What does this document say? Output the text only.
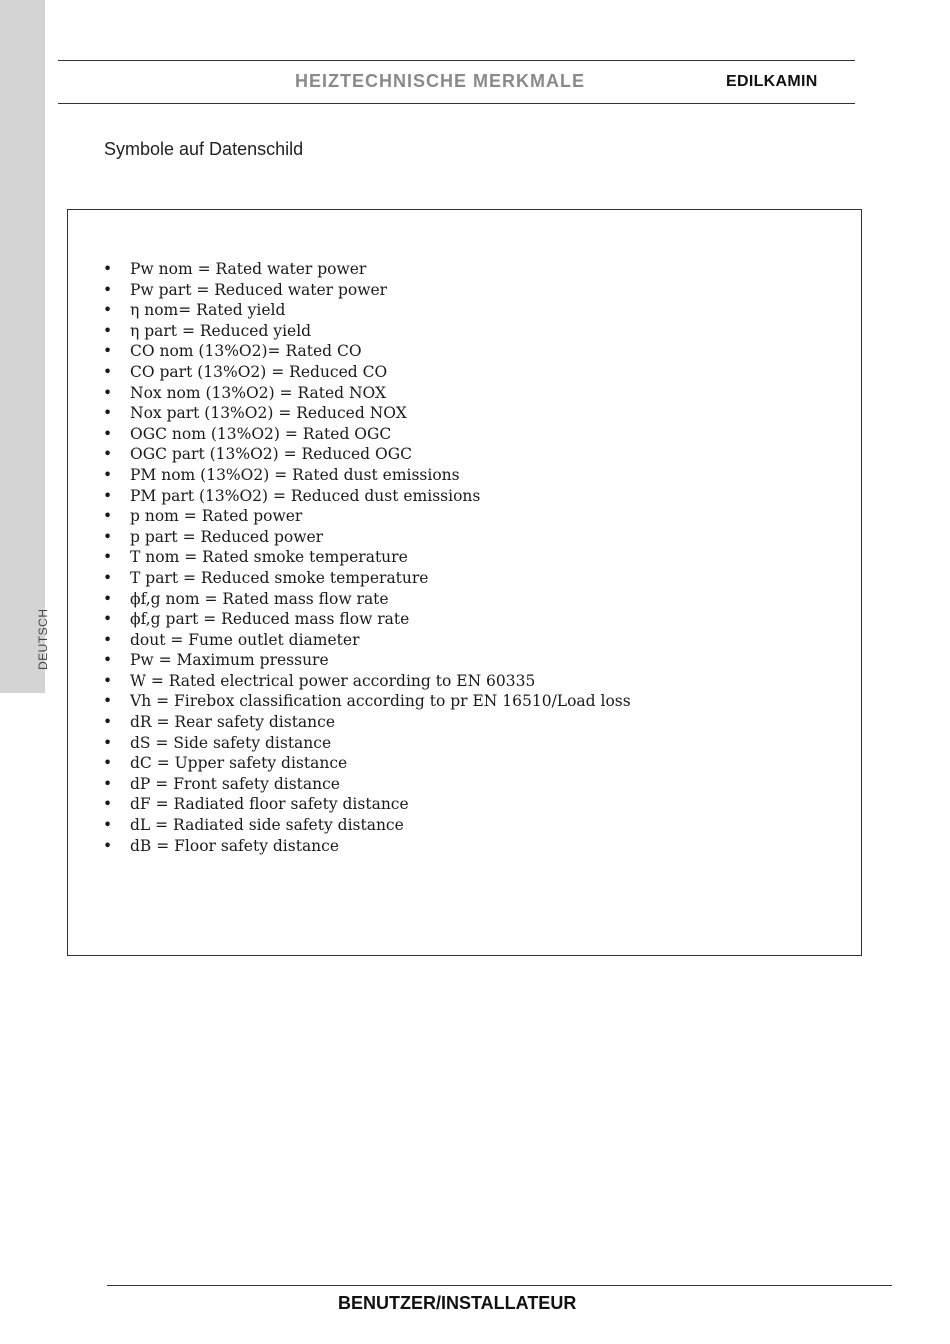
DEUTSCH
HEIZTECHNISCHE MERKMALE	EDILKAMIN
Symbole auf Datenschild
• Pw nom = Rated water power
• Pw part = Reduced water power
• η nom= Rated yield
• η part = Reduced yield
• CO nom (13%O2)= Rated CO
• CO part (13%O2) = Reduced CO
• Nox nom (13%O2) = Rated NOX
• Nox part (13%O2) = Reduced NOX
• OGC nom (13%O2) = Rated OGC
• OGC part (13%O2) = Reduced OGC
• PM nom (13%O2) = Rated dust emissions
• PM part (13%O2) = Reduced dust emissions
• p nom = Rated power
• p part = Reduced power
• T nom = Rated smoke temperature
• T part = Reduced smoke temperature
• ϕf,g nom = Rated mass flow rate
• ϕf,g part = Reduced mass flow rate
• dout = Fume outlet diameter
• Pw = Maximum pressure
• W = Rated electrical power according to EN 60335
• Vh = Firebox classification according to pr EN 16510/Load loss
• dR = Rear safety distance
• dS = Side safety distance
• dC = Upper safety distance
• dP = Front safety distance
• dF = Radiated floor safety distance
• dL = Radiated side safety distance
• dB = Floor safety distance
BENUTZER/INSTALLATEUR
